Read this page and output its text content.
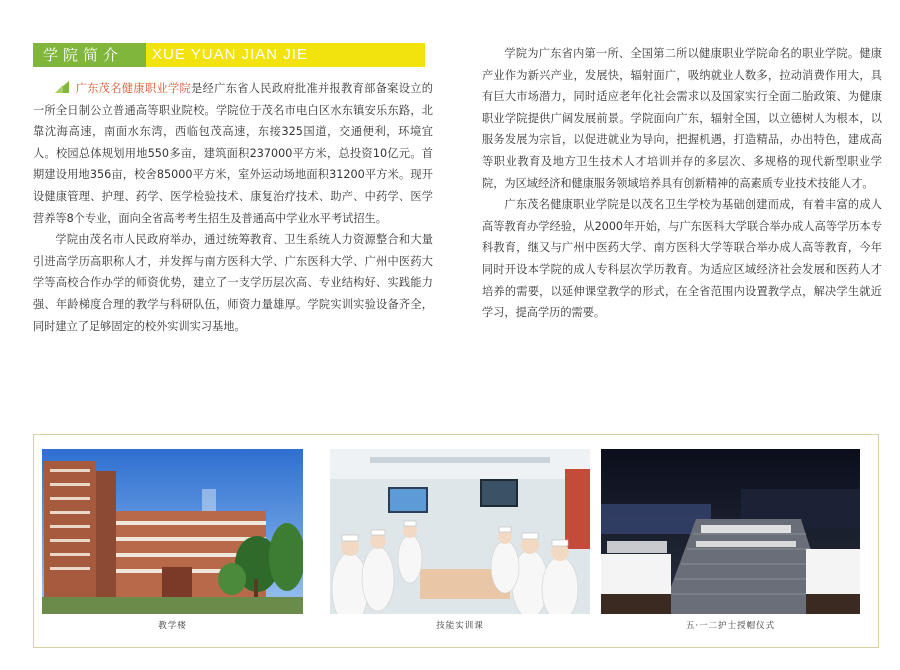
学院简介	XUE YUAN JIAN JIE

广东茂名健康职业学院是经广东省人民政府批准并报教育部备案设立的一所全日制公立普通高等职业院校。学院位于茂名市电白区水东镇安乐东路，北靠沈海高速，南面水东湾，西临包茂高速，东接325国道，交通便利，环境宜人。校园总体规划用地550多亩，建筑面积237000平方米，总投资10亿元。首期建设用地356亩，校舍85000平方米，室外运动场地面积31200平方米。现开设健康管理、护理、药学、医学检验技术、康复治疗技术、助产、中药学、医学营养等8个专业，面向全省高考考生招生及普通高中学业水平考试招生。

学院由茂名市人民政府举办，通过统筹教育、卫生系统人力资源整合和大量引进高学历高职称人才，并发挥与南方医科大学、广东医科大学、广州中医药大学等高校合作办学的师资优势，建立了一支学历层次高、专业结构好、实践能力强、年龄梯度合理的教学与科研队伍，师资力量雄厚。学院实训实验设备齐全，同时建立了足够固定的校外实训实习基地。

学院为广东省内第一所、全国第二所以健康职业学院命名的职业学院。健康产业作为新兴产业，发展快，辐射面广，吸纳就业人数多，拉动消费作用大，具有巨大市场潜力，同时适应老年化社会需求以及国家实行全面二胎政策、为健康职业学院提供广阔发展前景。学院面向广东，辐射全国，以立德树人为根本，以服务发展为宗旨，以促进就业为导向，把握机遇，打造精品，办出特色，建成高等职业教育及地方卫生技术人才培训并存的多层次、多规格的现代新型职业学院，为区域经济和健康服务领域培养具有创新精神的高素质专业技术技能人才。

广东茂名健康职业学院是以茂名卫生学校为基础创建而成，有着丰富的成人高等教育办学经验，从2000年开始，与广东医科大学联合举办成人高等学历本专科教育，继又与广州中医药大学、南方医科大学等联合举办成人高等教育，今年同时开设本学院的成人专科层次学历教育。为适应区域经济社会发展和医药人才培养的需要，以延伸课堂教学的形式，在全省范围内设置教学点，解决学生就近学习，提高学历的需要。

教学楼	技能实训课	五·一二护士授帽仪式
